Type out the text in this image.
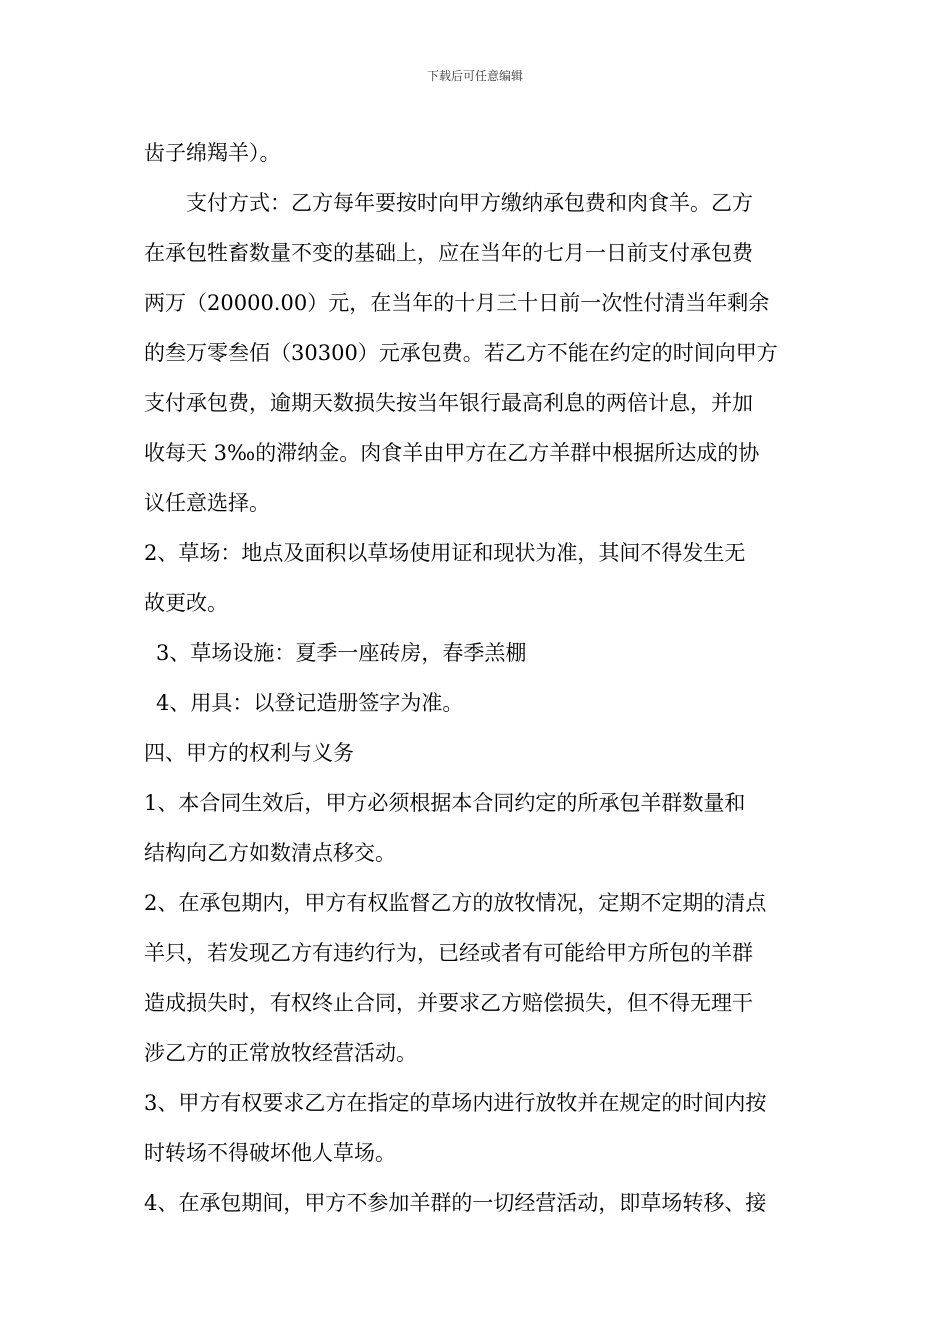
下载后可任意编辑
齿子绵羯羊）。
支付方式：乙方每年要按时向甲方缴纳承包费和肉食羊。乙方
在承包牲畜数量不变的基础上，应在当年的七月一日前支付承包费
两万（20000.00）元，在当年的十月三十日前一次性付清当年剩余
的叁万零叁佰（30300）元承包费。若乙方不能在约定的时间向甲方
支付承包费，逾期天数损失按当年银行最高利息的两倍计息，并加
收每天 3‰的滞纳金。肉食羊由甲方在乙方羊群中根据所达成的协
议任意选择。
2、草场：地点及面积以草场使用证和现状为准，其间不得发生无
故更改。
3、草场设施：夏季一座砖房，春季羔棚
4、用具：以登记造册签字为准。
四、甲方的权利与义务
1、本合同生效后，甲方必须根据本合同约定的所承包羊群数量和
结构向乙方如数清点移交。
2、在承包期内，甲方有权监督乙方的放牧情况，定期不定期的清点
羊只，若发现乙方有违约行为，已经或者有可能给甲方所包的羊群
造成损失时，有权终止合同，并要求乙方赔偿损失，但不得无理干
涉乙方的正常放牧经营活动。
3、甲方有权要求乙方在指定的草场内进行放牧并在规定的时间内按
时转场不得破坏他人草场。
4、在承包期间，甲方不参加羊群的一切经营活动，即草场转移、接
